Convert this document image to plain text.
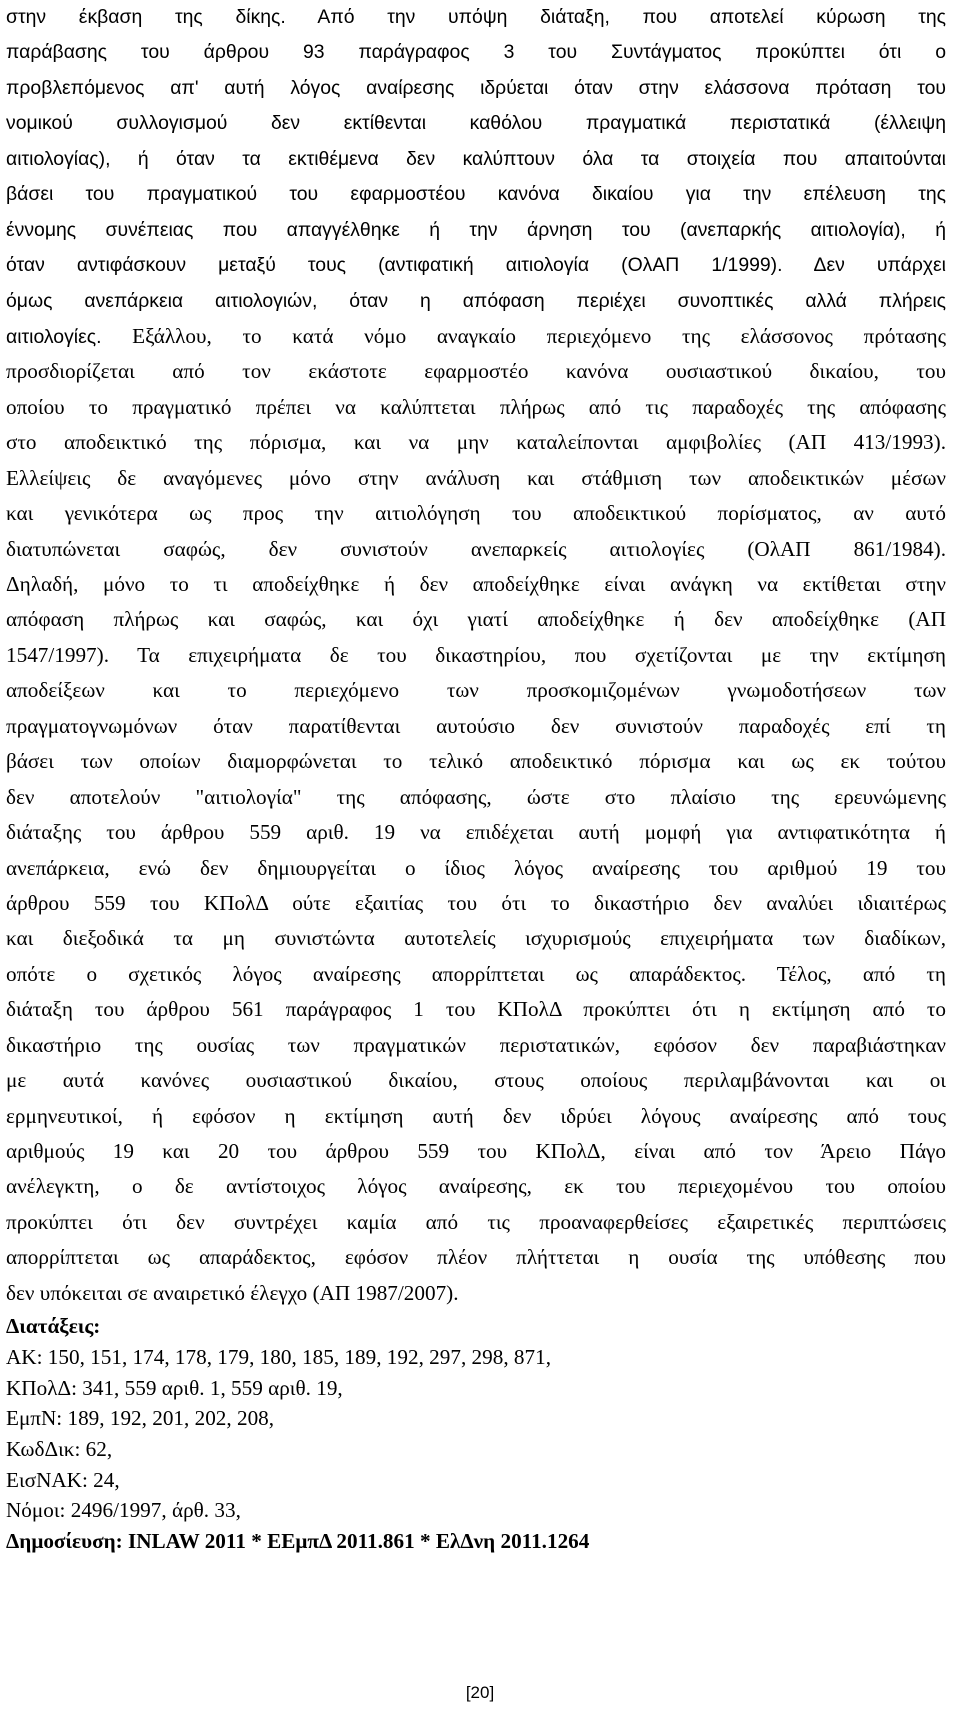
στην έκβαση της δίκης. Από την υπόψη διάταξη, που αποτελεί κύρωση της
παράβασης του άρθρου 93 παράγραφος 3 του Συντάγματος προκύπτει ότι ο
προβλεπόμενος απ' αυτή λόγος αναίρεσης ιδρύεται όταν στην ελάσσονα πρόταση του
νομικού συλλογισμού δεν εκτίθενται καθόλου πραγματικά περιστατικά (έλλειψη
αιτιολογίας), ή όταν τα εκτιθέμενα δεν καλύπτουν όλα τα στοιχεία που απαιτούνται
βάσει του πραγματικού του εφαρμοστέου κανόνα δικαίου για την επέλευση της
έννομης συνέπειας που απαγγέλθηκε ή την άρνηση του (ανεπαρκής αιτιολογία), ή
όταν αντιφάσκουν μεταξύ τους (αντιφατική αιτιολογία (ΟλΑΠ 1/1999). Δεν υπάρχει
όμως ανεπάρκεια αιτιολογιών, όταν η απόφαση περιέχει συνοπτικές αλλά πλήρεις
αιτιολογίες. Εξάλλου, το κατά νόμο αναγκαίο περιεχόμενο της ελάσσονος πρότασης
προσδιορίζεται από τον εκάστοτε εφαρμοστέο κανόνα ουσιαστικού δικαίου, του
οποίου το πραγματικό πρέπει να καλύπτεται πλήρως από τις παραδοχές της απόφασης
στο αποδεικτικό της πόρισμα, και να μην καταλείπονται αμφιβολίες (ΑΠ 413/1993).
Ελλείψεις δε αναγόμενες μόνο στην ανάλυση και στάθμιση των αποδεικτικών μέσων
και γενικότερα ως προς την αιτιολόγηση του αποδεικτικού πορίσματος, αν αυτό
διατυπώνεται σαφώς, δεν συνιστούν ανεπαρκείς αιτιολογίες (ΟλΑΠ 861/1984).
Δηλαδή, μόνο το τι αποδείχθηκε ή δεν αποδείχθηκε είναι ανάγκη να εκτίθεται στην
απόφαση πλήρως και σαφώς, και όχι γιατί αποδείχθηκε ή δεν αποδείχθηκε (ΑΠ
1547/1997). Τα επιχειρήματα δε του δικαστηρίου, που σχετίζονται με την εκτίμηση
αποδείξεων και το περιεχόμενο των προσκομιζομένων γνωμοδοτήσεων των
πραγματογνωμόνων όταν παρατίθενται αυτούσιο δεν συνιστούν παραδοχές επί τη
βάσει των οποίων διαμορφώνεται το τελικό αποδεικτικό πόρισμα και ως εκ τούτου
δεν αποτελούν "αιτιολογία" της απόφασης, ώστε στο πλαίσιο της ερευνώμενης
διάταξης του άρθρου 559 αριθ. 19 να επιδέχεται αυτή μομφή για αντιφατικότητα ή
ανεπάρκεια, ενώ δεν δημιουργείται ο ίδιος λόγος αναίρεσης του αριθμού 19 του
άρθρου 559 του ΚΠολΔ ούτε εξαιτίας του ότι το δικαστήριο δεν αναλύει ιδιαιτέρως
και διεξοδικά τα μη συνιστώντα αυτοτελείς ισχυρισμούς επιχειρήματα των διαδίκων,
οπότε ο σχετικός λόγος αναίρεσης απορρίπτεται ως απαράδεκτος. Τέλος, από τη
διάταξη του άρθρου 561 παράγραφος 1 του ΚΠολΔ προκύπτει ότι η εκτίμηση από το
δικαστήριο της ουσίας των πραγματικών περιστατικών, εφόσον δεν παραβιάστηκαν
με αυτά κανόνες ουσιαστικού δικαίου, στους οποίους περιλαμβάνονται και οι
ερμηνευτικοί, ή εφόσον η εκτίμηση αυτή δεν ιδρύει λόγους αναίρεσης από τους
αριθμούς 19 και 20 του άρθρου 559 του ΚΠολΔ, είναι από τον Άρειο Πάγο
ανέλεγκτη, ο δε αντίστοιχος λόγος αναίρεσης, εκ του περιεχομένου του οποίου
προκύπτει ότι δεν συντρέχει καμία από τις προαναφερθείσες εξαιρετικές περιπτώσεις
απορρίπτεται ως απαράδεκτος, εφόσον πλέον πλήττεται η ουσία της υπόθεσης που
δεν υπόκειται σε αναιρετικό έλεγχο (ΑΠ 1987/2007).
Διατάξεις:
ΑΚ: 150, 151, 174, 178, 179, 180, 185, 189, 192, 297, 298, 871,
ΚΠολΔ: 341, 559 αριθ. 1, 559 αριθ. 19,
ΕμπΝ: 189, 192, 201, 202, 208,
ΚωδΔικ: 62,
ΕισΝΑΚ: 24,
Νόμοι: 2496/1997, άρθ. 33,
Δημοσίευση: INLAW 2011 * ΕΕμπΔ 2011.861 * ΕλΔνη 2011.1264
[20]
